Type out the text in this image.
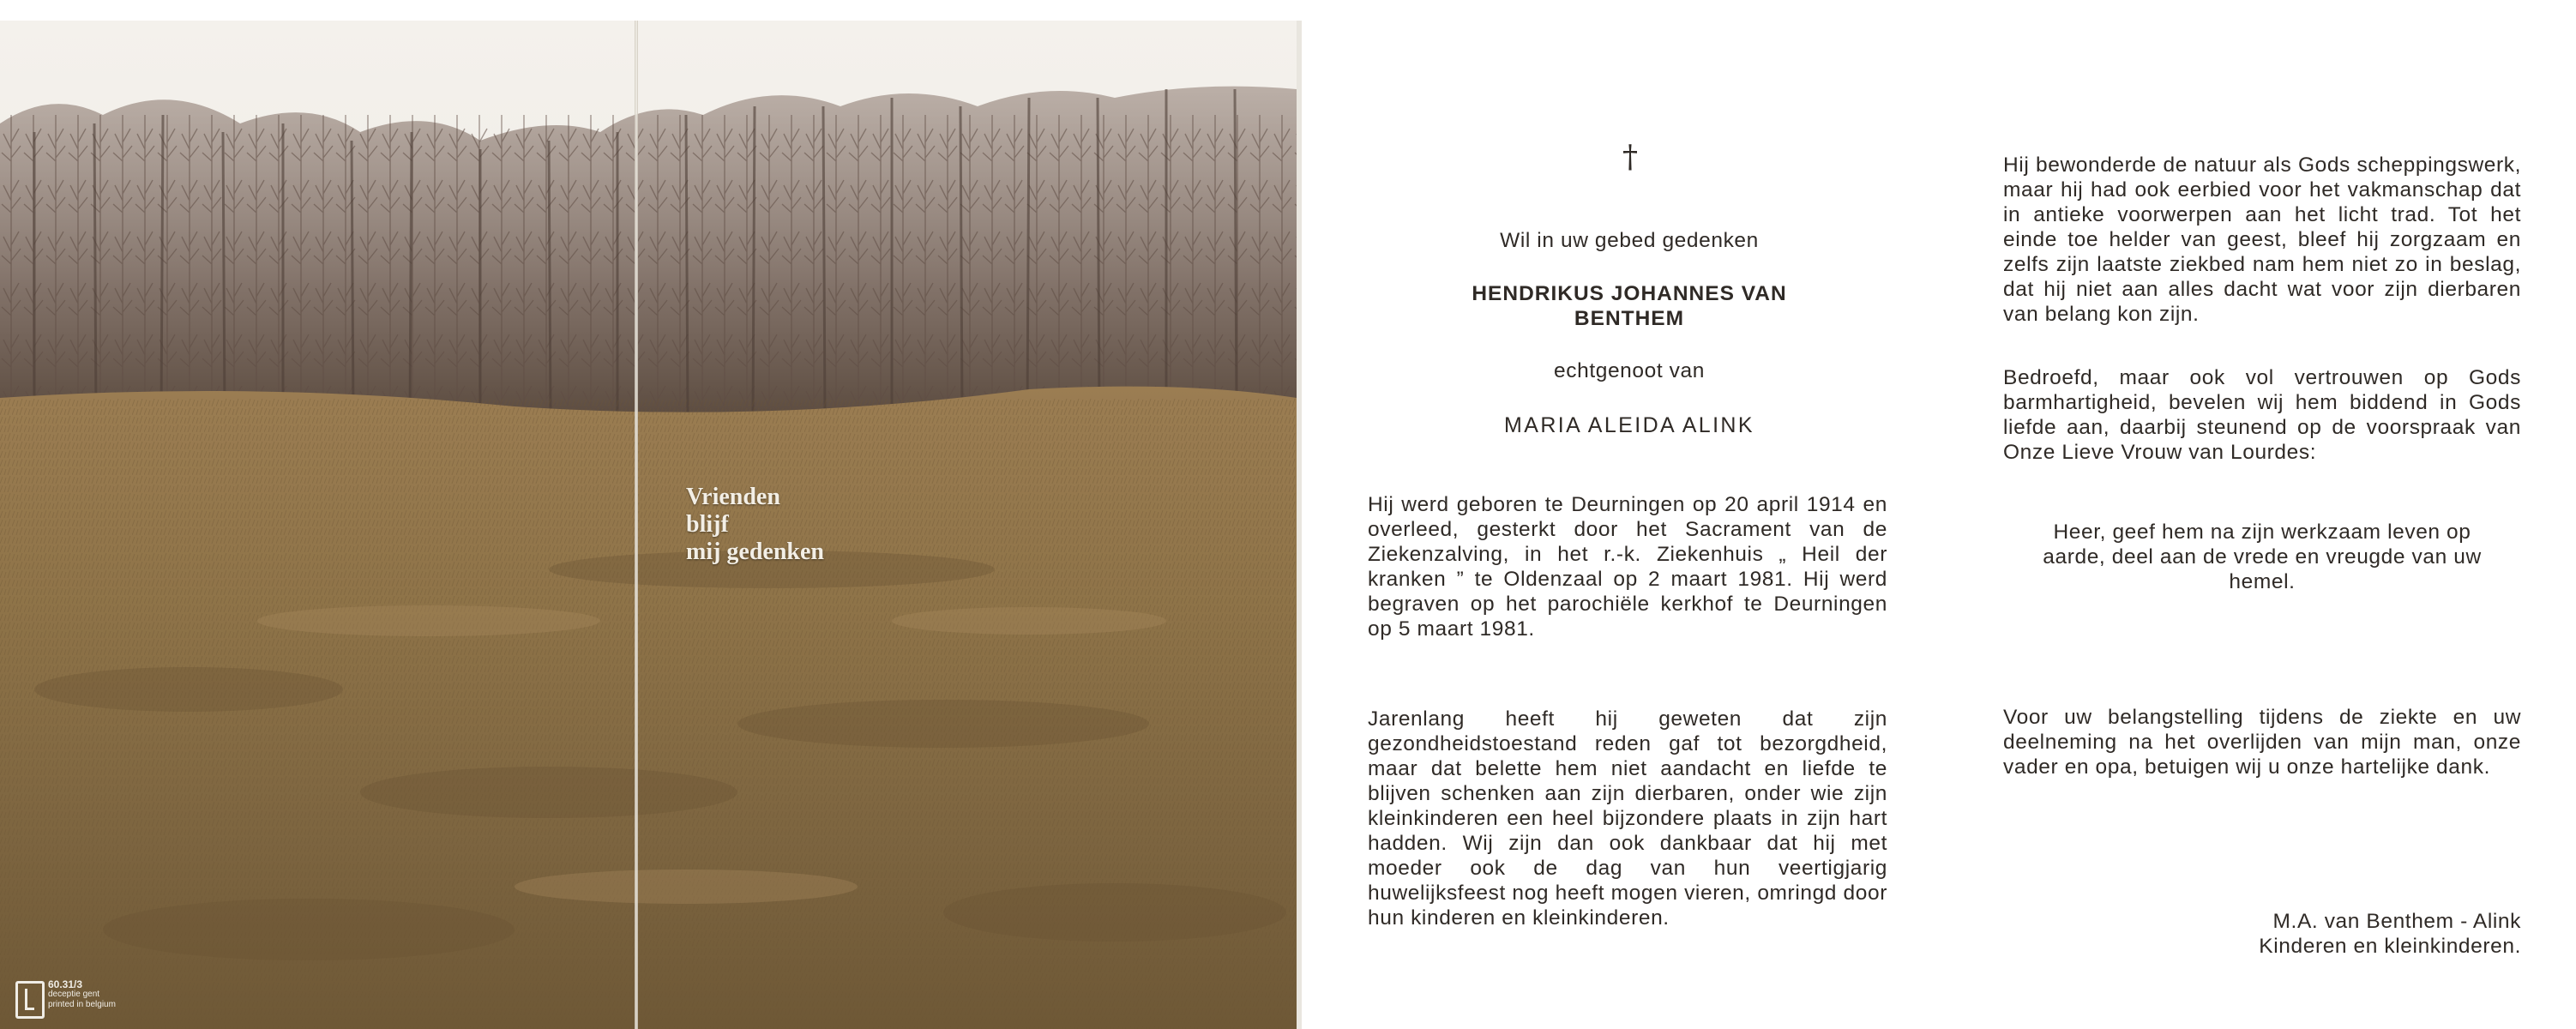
Vrienden
blijf
mij gedenken
60.31/3
deceptie gent
printed in belgium
†

Wil in uw gebed gedenken

HENDRIKUS JOHANNES VAN BENTHEM

echtgenoot van

MARIA ALEIDA ALINK

Hij werd geboren te Deurningen op 20 april 1914 en overleed, gesterkt door het Sacrament van de Ziekenzalving, in het r.-k. Ziekenhuis „ Heil der kranken ” te Oldenzaal op 2 maart 1981. Hij werd begraven op het parochiële kerkhof te Deurningen op 5 maart 1981.

Jarenlang heeft hij geweten dat zijn gezondheidstoestand reden gaf tot bezorgdheid, maar dat belette hem niet aandacht en liefde te blijven schenken aan zijn dierbaren, onder wie zijn kleinkinderen een heel bijzondere plaats in zijn hart hadden. Wij zijn dan ook dankbaar dat hij met moeder ook de dag van hun veertigjarig huwelijksfeest nog heeft mogen vieren, omringd door hun kinderen en kleinkinderen.

Hij bewonderde de natuur als Gods scheppingswerk, maar hij had ook eerbied voor het vakmanschap dat in antieke voorwerpen aan het licht trad. Tot het einde toe helder van geest, bleef hij zorgzaam en zelfs zijn laatste ziekbed nam hem niet zo in beslag, dat hij niet aan alles dacht wat voor zijn dierbaren van belang kon zijn.

Bedroefd, maar ook vol vertrouwen op Gods barmhartigheid, bevelen wij hem biddend in Gods liefde aan, daarbij steunend op de voorspraak van Onze Lieve Vrouw van Lourdes:

Heer, geef hem na zijn werkzaam leven op aarde, deel aan de vrede en vreugde van uw hemel.

Voor uw belangstelling tijdens de ziekte en uw deelneming na het overlijden van mijn man, onze vader en opa, betuigen wij u onze hartelijke dank.

M.A. van Benthem - Alink
Kinderen en kleinkinderen.
